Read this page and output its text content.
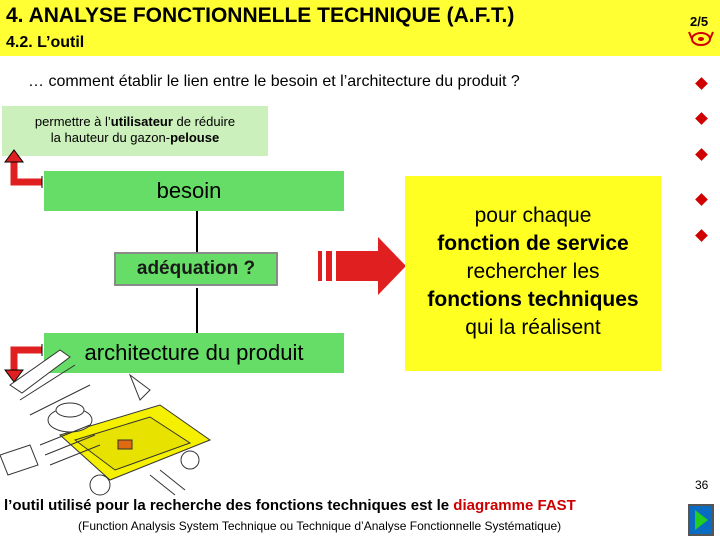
4. ANALYSE FONCTIONNELLE TECHNIQUE (A.F.T.)
4.2. L’outil
2/5
… comment établir le lien entre le besoin et l’architecture du produit ?
permettre à l’utilisateur de réduire
la hauteur du gazon-pelouse
besoin
adéquation ?
architecture du produit
pour chaque
fonction de service
rechercher les
fonctions techniques
qui la réalisent
36
l’outil utilisé pour la recherche des fonctions techniques est le diagramme FAST
(Function Analysis System Technique ou Technique d’Analyse Fonctionnelle Systématique)
